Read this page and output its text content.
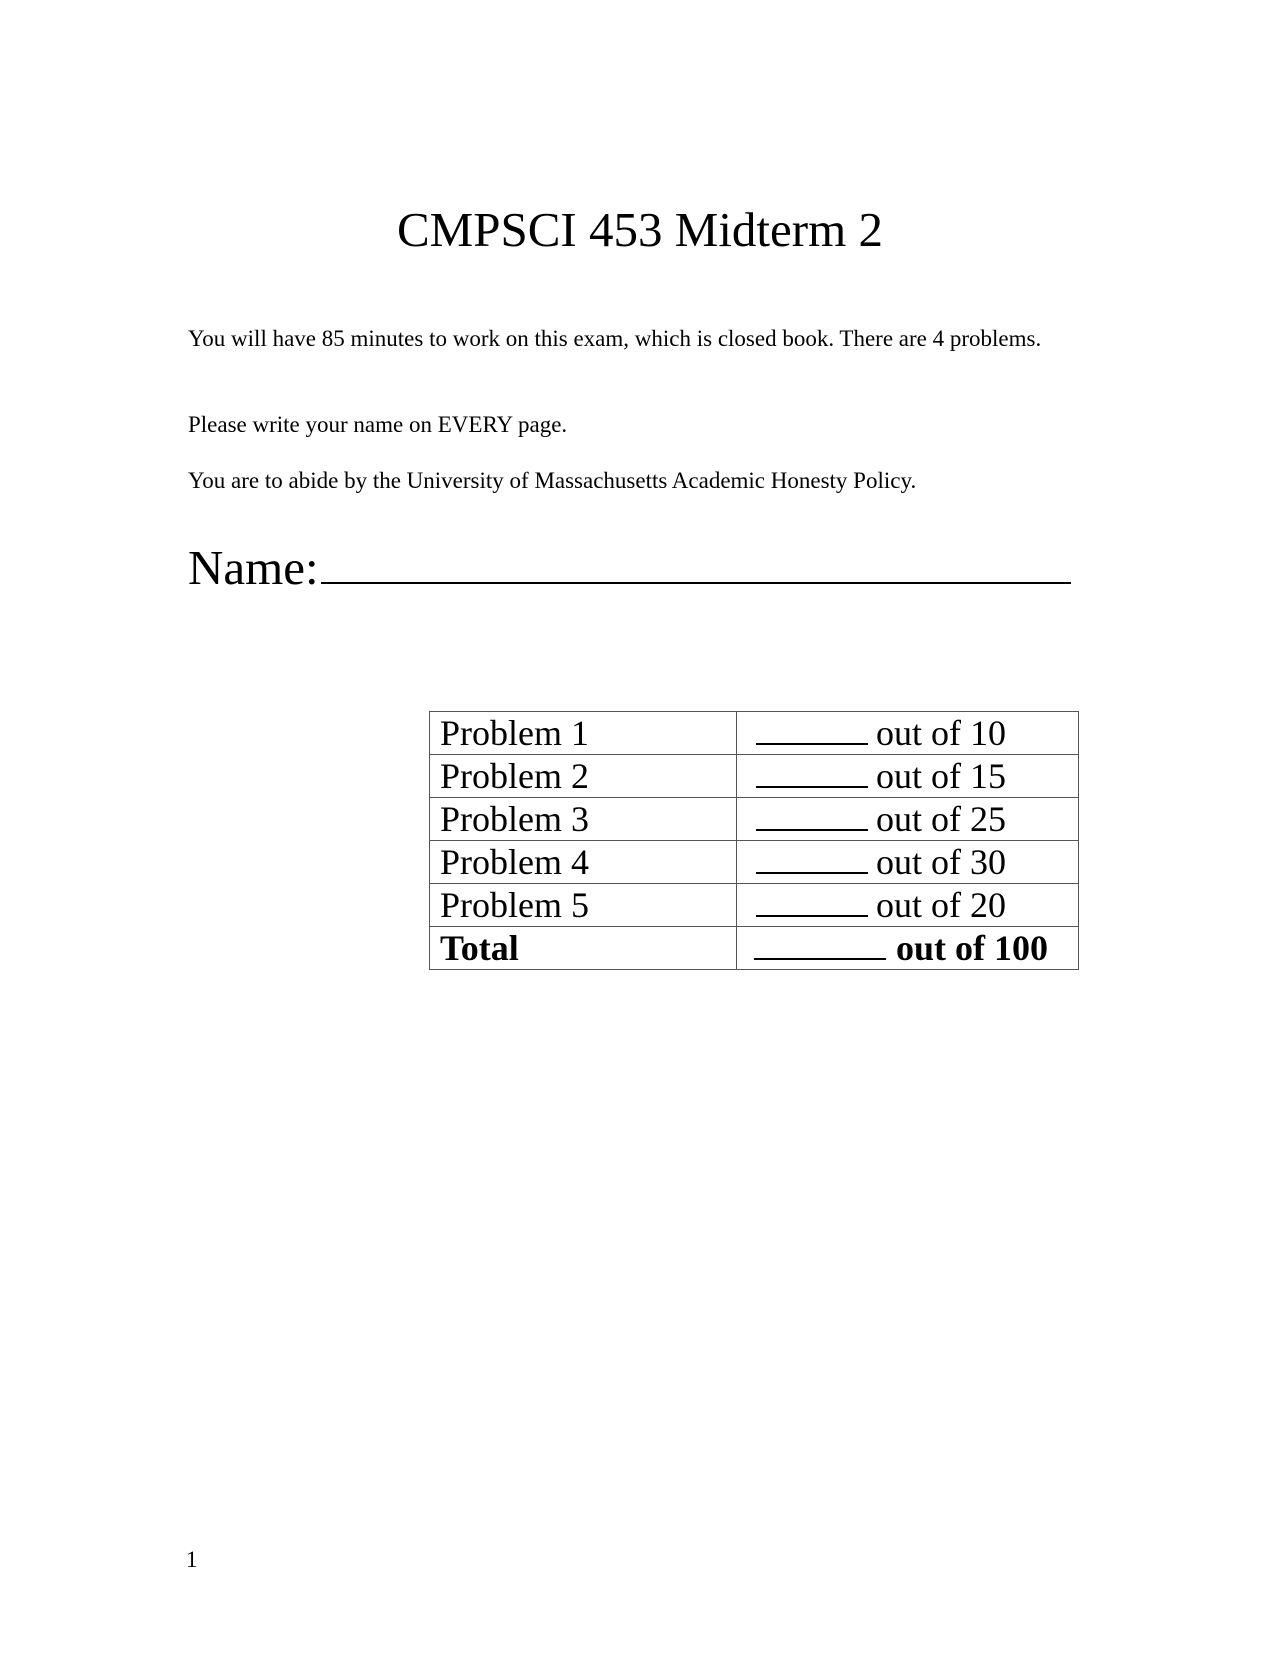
CMPSCI 453 Midterm 2

You will have 85 minutes to work on this exam, which is closed book. There are 4 problems.

Please write your name on EVERY page.

You are to abide by the University of Massachusetts Academic Honesty Policy.

Name:
Problem 1	out of 10
Problem 2	out of 15
Problem 3	out of 25
Problem 4	out of 30
Problem 5	out of 20
Total	out of 100

1
